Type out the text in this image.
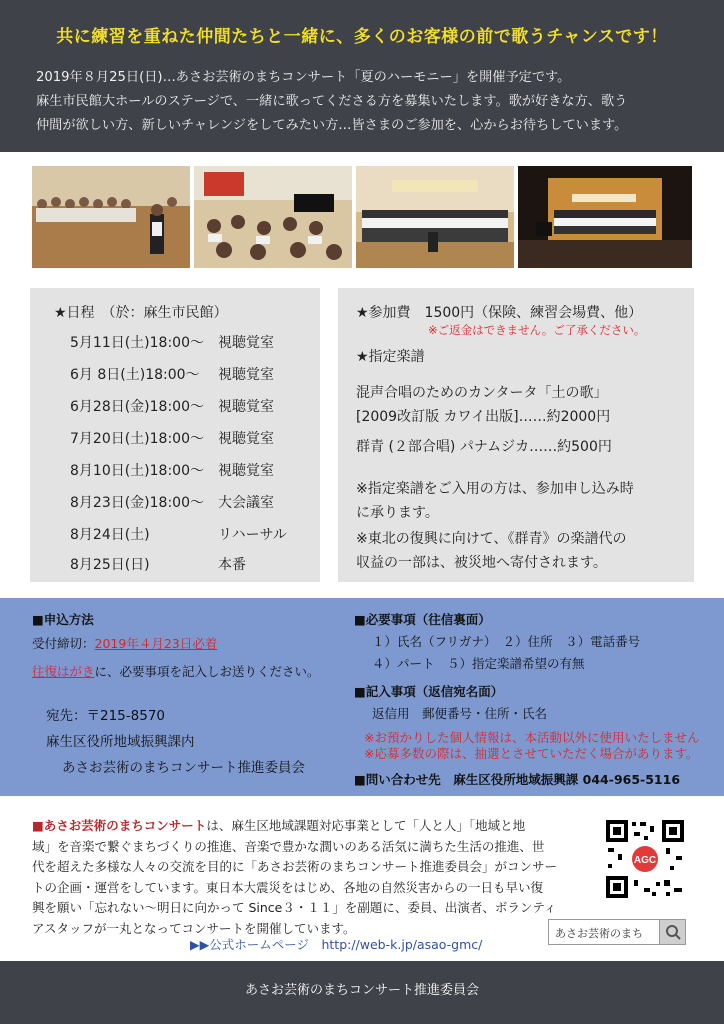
共に練習を重ねた仲間たちと一緒に、多くのお客様の前で歌うチャンスです！
2019年８月25日(日)…あさお芸術のまちコンサート「夏のハーモニー」を開催予定です。
麻生市民館大ホールのステージで、一緒に歌ってくださる方を募集いたします。歌が好きな方、歌う
仲間が欲しい方、新しいチャレンジをしてみたい方…皆さまのご参加を、心からお待ちしています。
★日程　（於：麻生市民館）
5月11日(土)18:00～ 視聴覚室
6月 8日(土)18:00～ 視聴覚室
6月28日(金)18:00～ 視聴覚室
7月20日(土)18:00～ 視聴覚室
8月10日(土)18:00～ 視聴覚室
8月23日(金)18:00～ 大会議室
8月24日(土)	リハーサル
8月25日(日)	本番
★参加費　1500円（保険、練習会場費、他）
※ご返金はできません。ご了承ください。
★指定楽譜
混声合唱のためのカンタータ「土の歌」
[2009改訂版 カワイ出版]……約2000円
群青 (２部合唱) パナムジカ……約500円
※指定楽譜をご入用の方は、参加申し込み時
に承ります。
※東北の復興に向けて、《群青》の楽譜代の
収益の一部は、被災地へ寄付されます。
■申込方法
受付締切：2019年４月23日必着
往復はがきに、必要事項を記入しお送りください。
宛先：〒215-8570
麻生区役所地域振興課内
あさお芸術のまちコンサート推進委員会
■必要事項（往信裏面）
１）氏名（フリガナ）　２）住所　３）電話番号
４）パート　５）指定楽譜希望の有無
■記入事項（返信宛名面）
返信用　郵便番号・住所・氏名
※お預かりした個人情報は、本活動以外に使用いたしません
※応募多数の際は、抽選とさせていただく場合があります。
■問い合わせ先　麻生区役所地域振興課 044-965-5116
■あさお芸術のまちコンサートは、麻生区地域課題対応事業として「人と人」「地域と地
域」を音楽で繋ぐまちづくりの推進、音楽で豊かな潤いのある活気に満ちた生活の推進、世
代を超えた多様な人々の交流を目的に「あさお芸術のまちコンサート推進委員会」がコンサー
トの企画・運営をしています。東日本大震災をはじめ、各地の自然災害からの一日も早い復
興を願い「忘れない～明日に向かって Since３・１１」を副題に、委員、出演者、ボランティ
アスタッフが一丸となってコンサートを開催しています。
▶▶公式ホームページ　http://web-k.jp/asao-gmc/
AGC
あさお芸術のまち
あさお芸術のまちコンサート推進委員会
